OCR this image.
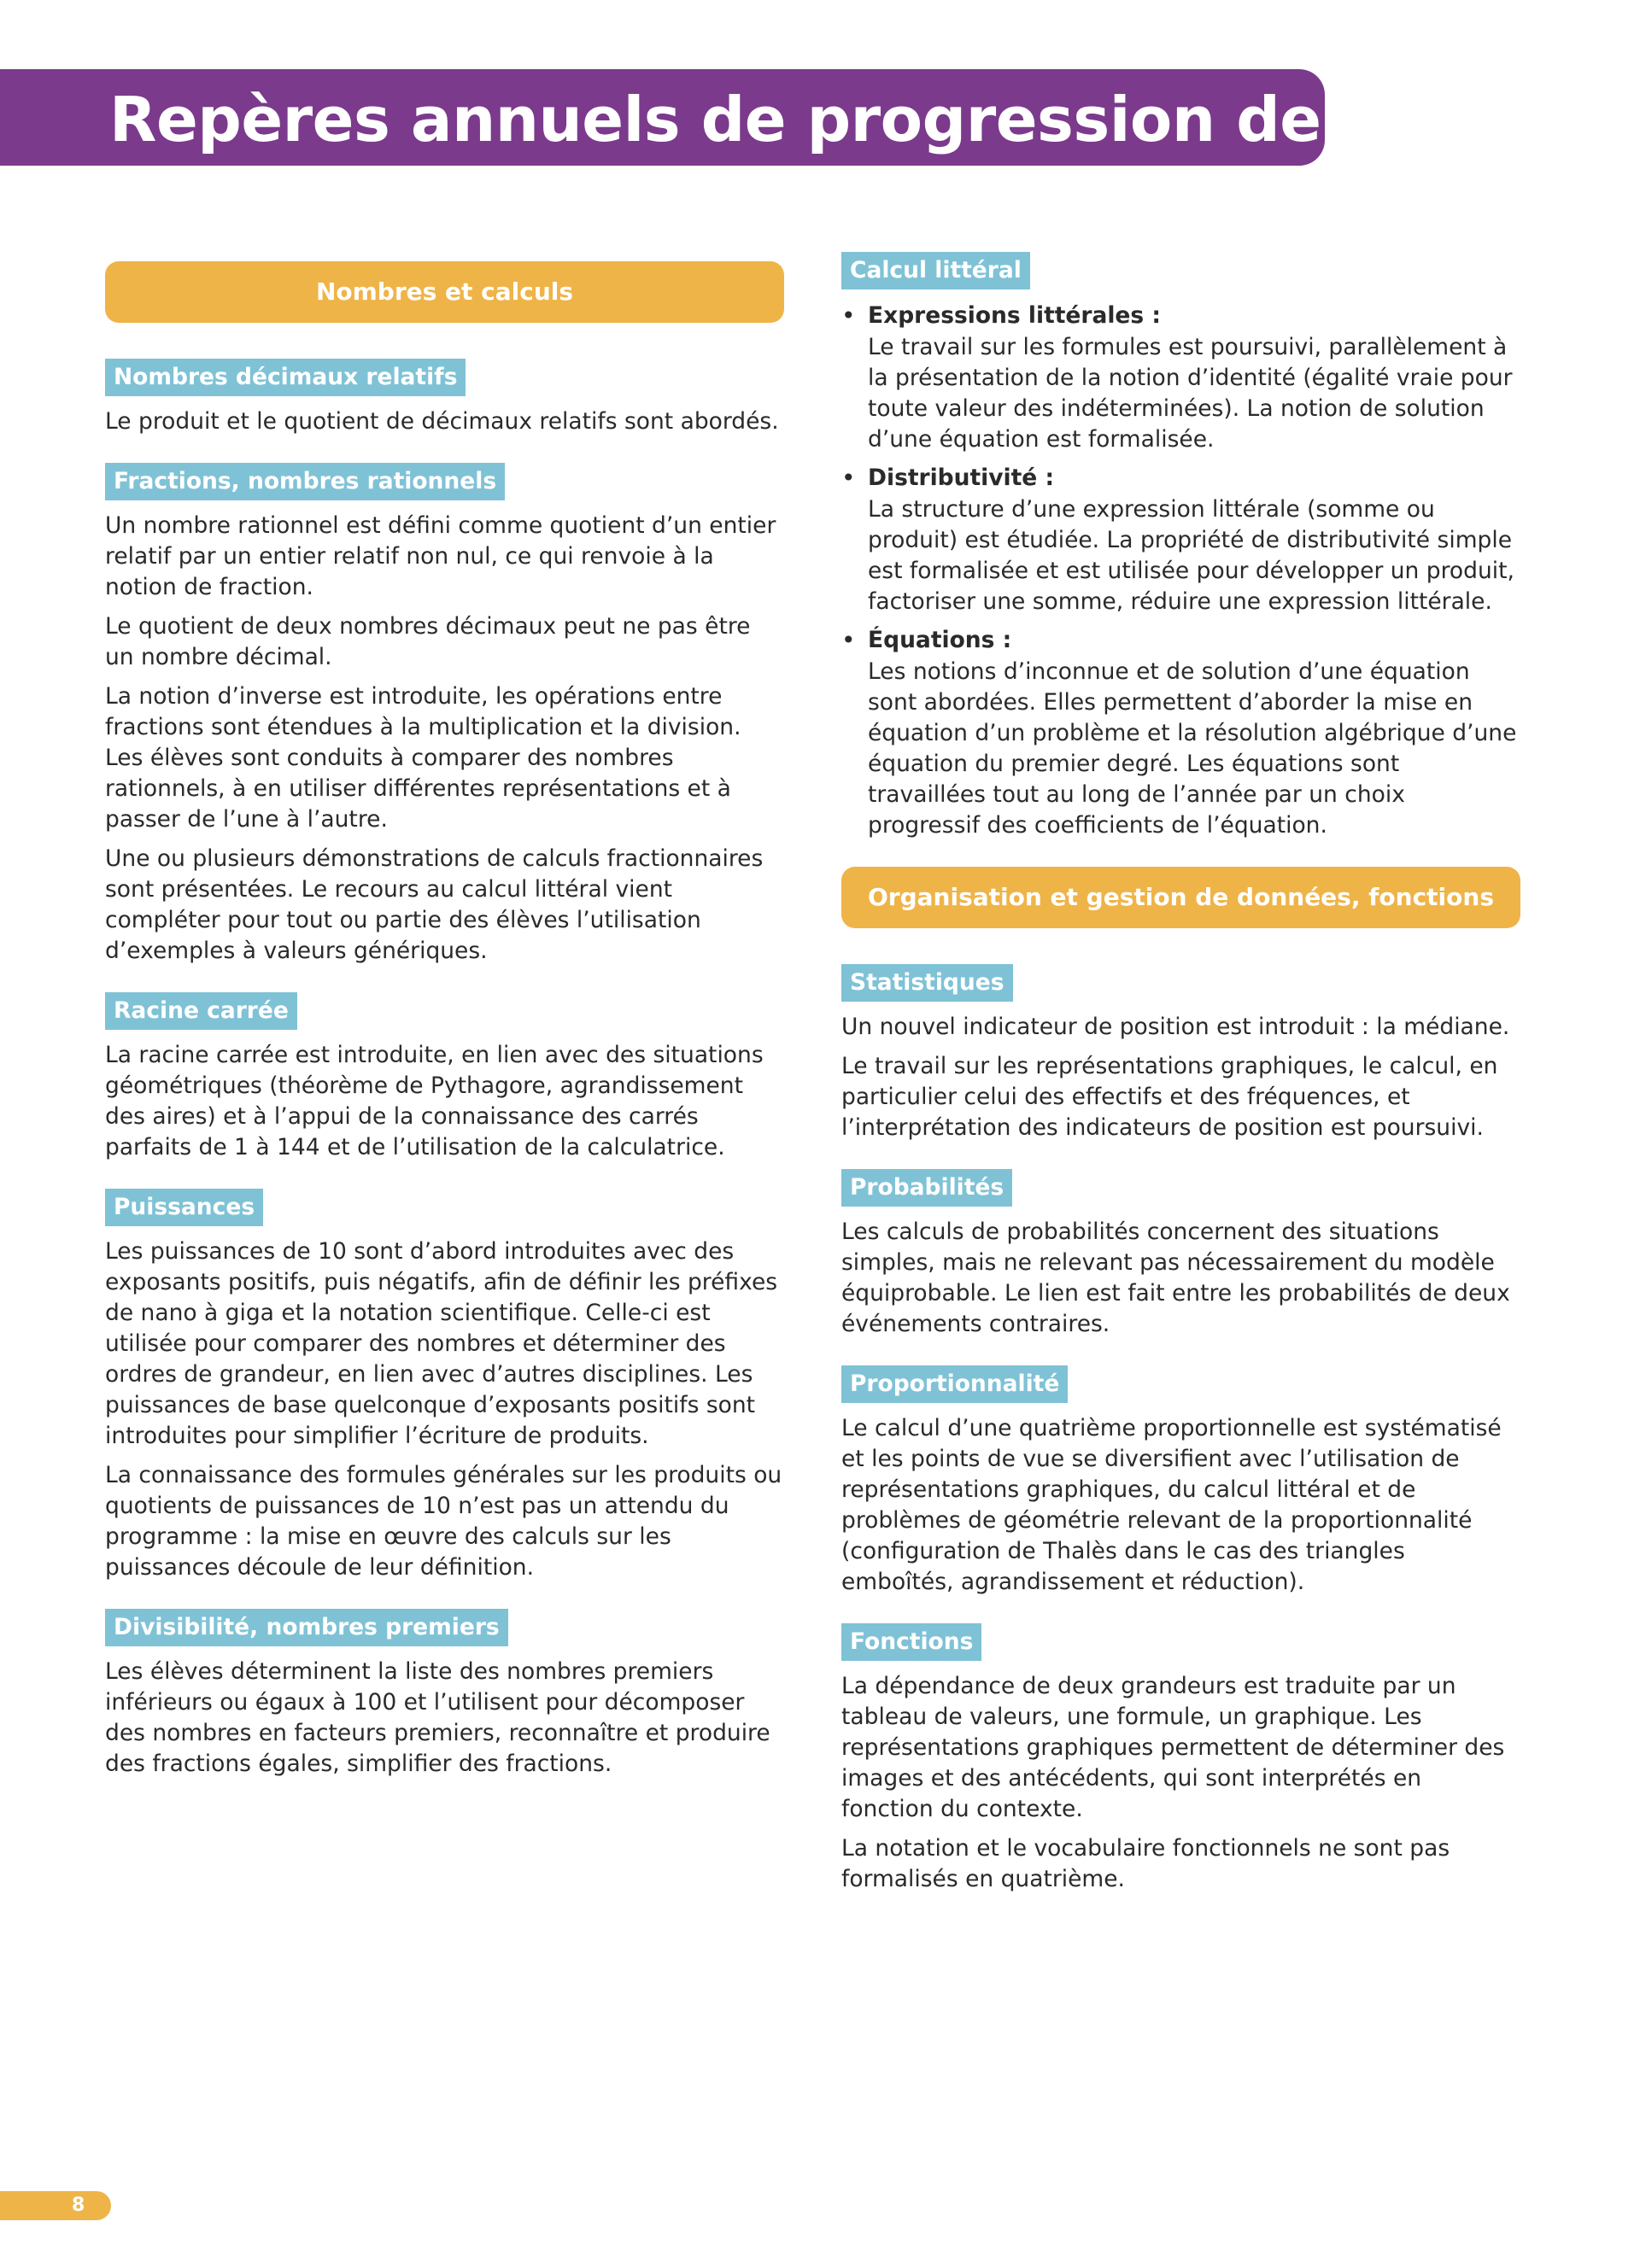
Repères annuels de progression de 4e
Nombres et calculs
Nombres décimaux relatifs

Le produit et le quotient de décimaux relatifs sont abordés.

Fractions, nombres rationnels

Un nombre rationnel est défini comme quotient d’un entier relatif par un entier relatif non nul, ce qui renvoie à la notion de fraction.

Le quotient de deux nombres décimaux peut ne pas être un nombre décimal.

La notion d’inverse est introduite, les opérations entre fractions sont étendues à la multiplication et la division. Les élèves sont conduits à comparer des nombres rationnels, à en utiliser différentes représentations et à passer de l’une à l’autre.

Une ou plusieurs démonstrations de calculs fractionnaires sont présentées. Le recours au calcul littéral vient compléter pour tout ou partie des élèves l’utilisation d’exemples à valeurs génériques.

Racine carrée

La racine carrée est introduite, en lien avec des situations géométriques (théorème de Pythagore, agrandissement des aires) et à l’appui de la connaissance des carrés parfaits de 1 à 144 et de l’utilisation de la calculatrice.

Puissances

Les puissances de 10 sont d’abord introduites avec des exposants positifs, puis négatifs, afin de définir les préfixes de nano à giga et la notation scientifique. Celle-ci est utilisée pour comparer des nombres et déterminer des ordres de grandeur, en lien avec d’autres disciplines. Les puissances de base quelconque d’exposants positifs sont introduites pour simplifier l’écriture de produits.

La connaissance des formules générales sur les produits ou quotients de puissances de 10 n’est pas un attendu du programme : la mise en œuvre des calculs sur les puissances découle de leur définition.

Divisibilité, nombres premiers

Les élèves déterminent la liste des nombres premiers inférieurs ou égaux à 100 et l’utilisent pour décomposer des nombres en facteurs premiers, reconnaître et produire des fractions égales, simplifier des fractions.

Calcul littéral
• Expressions littérales :

Le travail sur les formules est poursuivi, parallèlement à la présentation de la notion d’identité (égalité vraie pour toute valeur des indéterminées). La notion de solution d’une équation est formalisée.

• Distributivité :

La structure d’une expression littérale (somme ou produit) est étudiée. La propriété de distributivité simple est formalisée et est utilisée pour développer un produit, factoriser une somme, réduire une expression littérale.

• Équations :

Les notions d’inconnue et de solution d’une équation sont abordées. Elles permettent d’aborder la mise en équation d’un problème et la résolution algébrique d’une équation du premier degré. Les équations sont travaillées tout au long de l’année par un choix progressif des coefficients de l’équation.

Organisation et gestion de données, fonctions
Statistiques

Un nouvel indicateur de position est introduit : la médiane.

Le travail sur les représentations graphiques, le calcul, en particulier celui des effectifs et des fréquences, et l’interprétation des indicateurs de position est poursuivi.

Probabilités

Les calculs de probabilités concernent des situations simples, mais ne relevant pas nécessairement du modèle équiprobable. Le lien est fait entre les probabilités de deux événements contraires.

Proportionnalité

Le calcul d’une quatrième proportionnelle est systématisé et les points de vue se diversifient avec l’utilisation de représentations graphiques, du calcul littéral et de problèmes de géométrie relevant de la proportionnalité (configuration de Thalès dans le cas des triangles emboîtés, agrandissement et réduction).

Fonctions

La dépendance de deux grandeurs est traduite par un tableau de valeurs, une formule, un graphique. Les représentations graphiques permettent de déterminer des images et des antécédents, qui sont interprétés en fonction du contexte.

La notation et le vocabulaire fonctionnels ne sont pas formalisés en quatrième.

8
